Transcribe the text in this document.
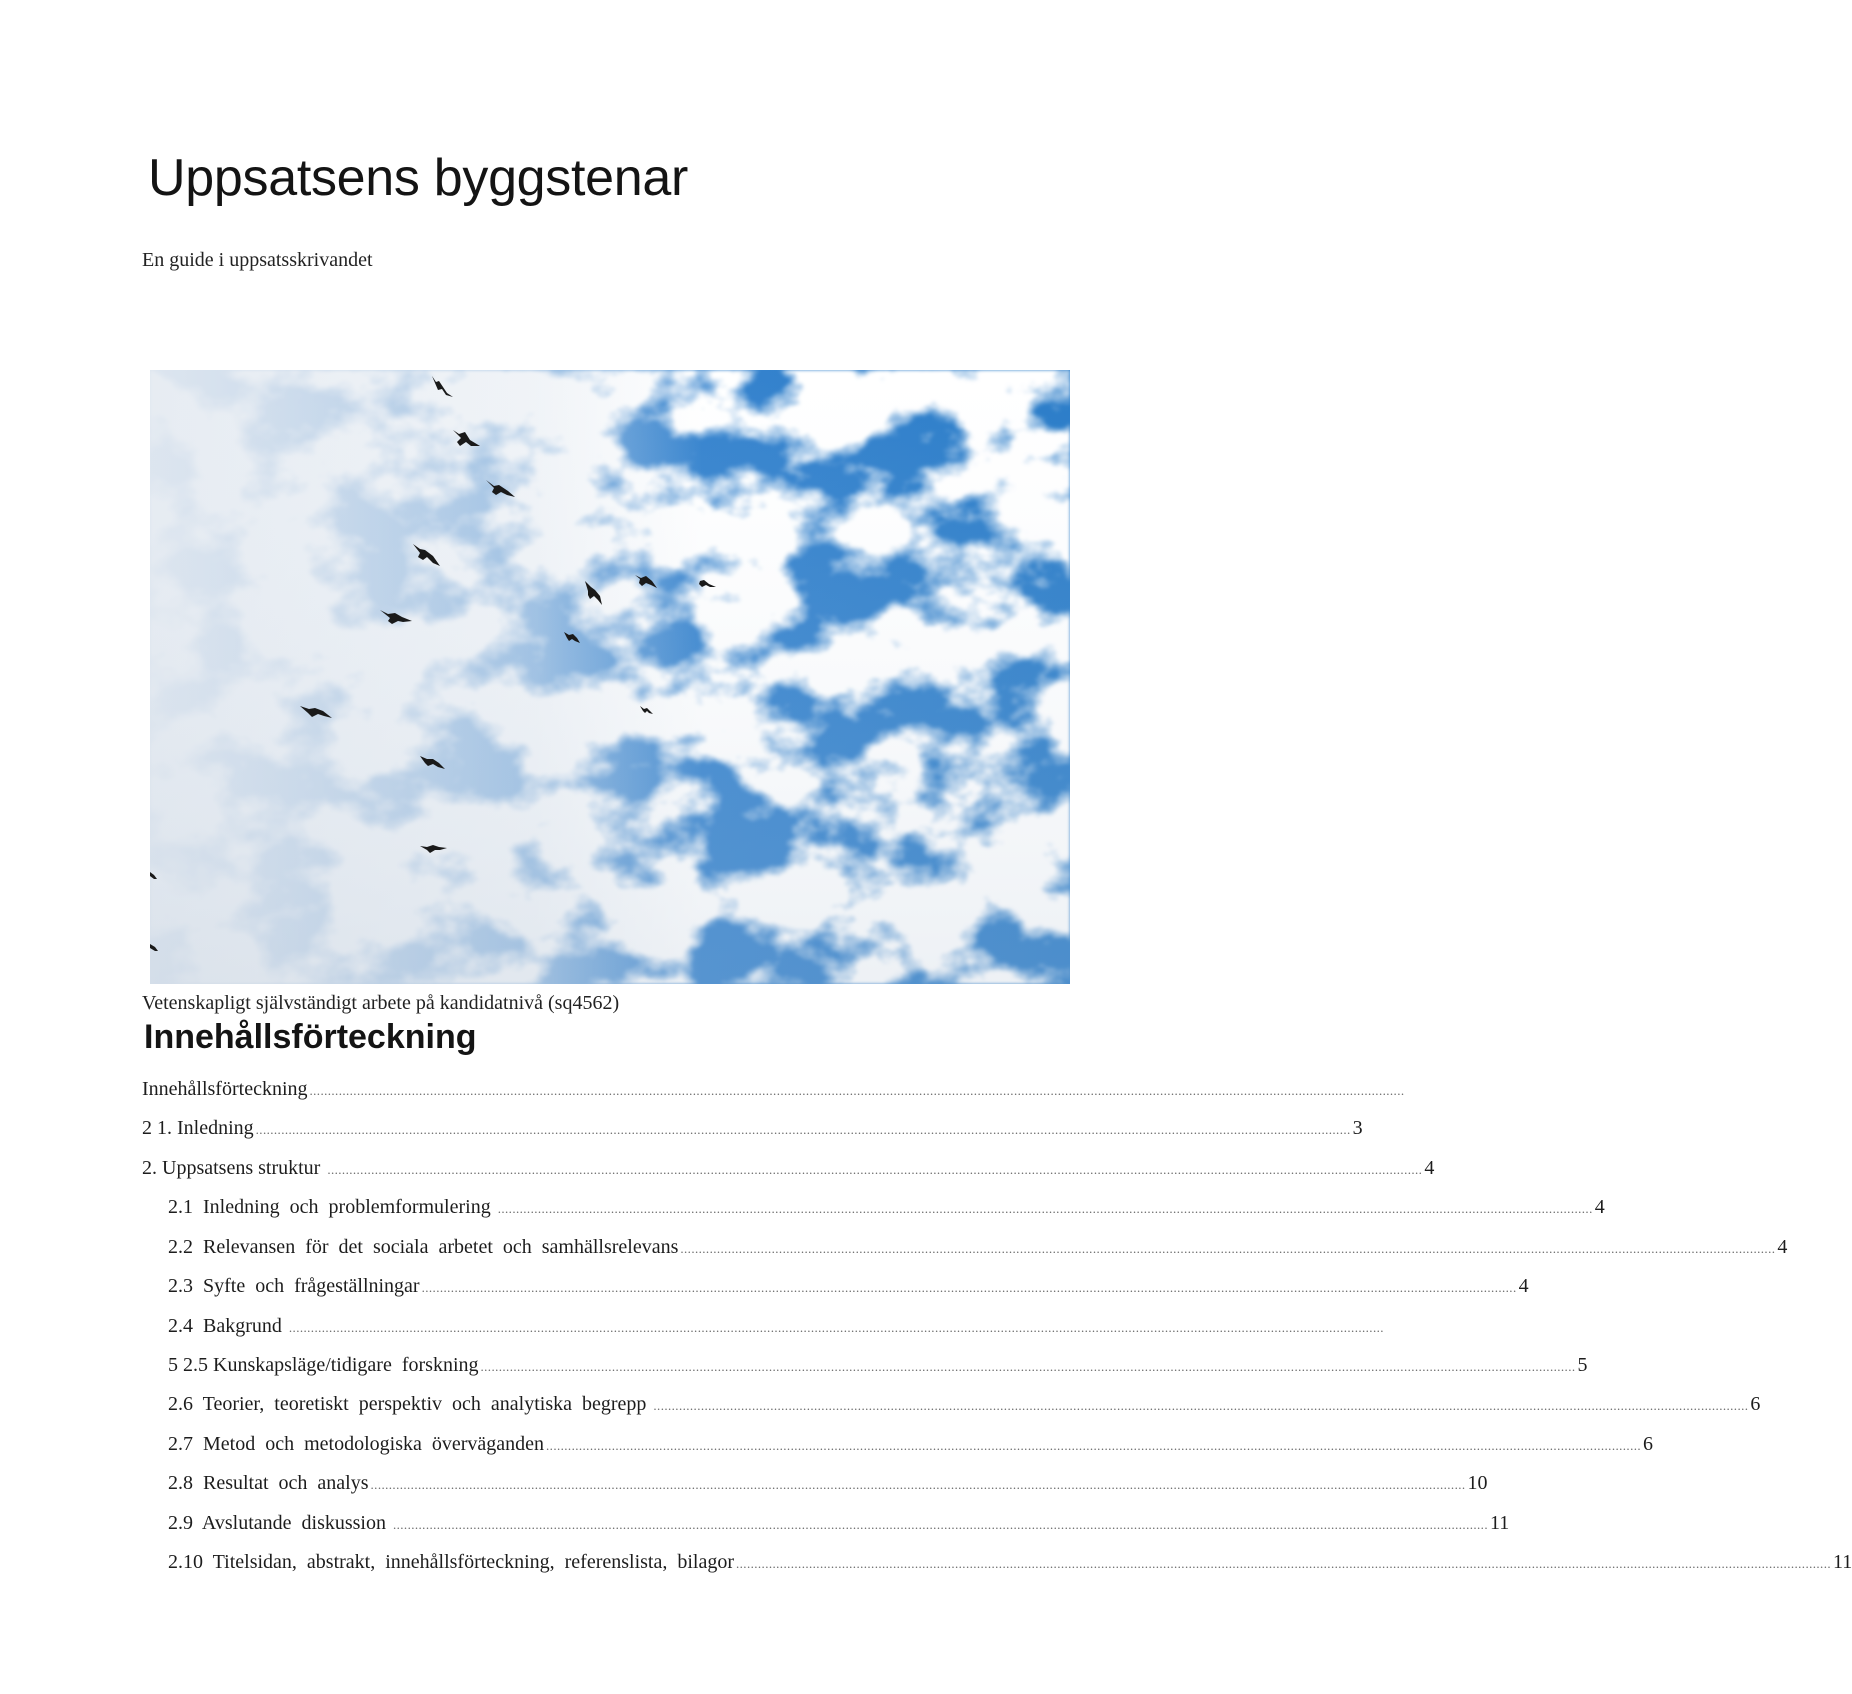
Uppsatsens byggstenar
En guide i uppsatsskrivandet
Vetenskapligt självständigt arbete på kandidatnivå (sq4562)
Innehållsförteckning
Innehållsförteckning ............................................................................................................................................................................................................................................................................................................
2 1. Inledning ............................................................................................................................................................................................................................................................................................................ 3
2. Uppsatsens struktur ............................................................................................................................................................................................................................................................................................................ 4
2.1  Inledning  och  problemformulering ............................................................................................................................................................................................................................................................................................................ 4
2.2  Relevansen  för  det  sociala  arbetet  och  samhällsrelevans ............................................................................................................................................................................................................................................................................................................ 4
2.3  Syfte  och  frågeställningar ............................................................................................................................................................................................................................................................................................................ 4
2.4  Bakgrund ............................................................................................................................................................................................................................................................................................................
5 2.5 Kunskapsläge/tidigare  forskning ............................................................................................................................................................................................................................................................................................................ 5
2.6  Teorier,  teoretiskt  perspektiv  och  analytiska  begrepp ............................................................................................................................................................................................................................................................................................................ 6
2.7  Metod  och  metodologiska  överväganden ............................................................................................................................................................................................................................................................................................................ 6
2.8  Resultat  och  analys ............................................................................................................................................................................................................................................................................................................ 10
2.9  Avslutande  diskussion ............................................................................................................................................................................................................................................................................................................ 11
2.10  Titelsidan,  abstrakt,  innehållsförteckning,  referenslista,  bilagor ............................................................................................................................................................................................................................................................................................................ 11
